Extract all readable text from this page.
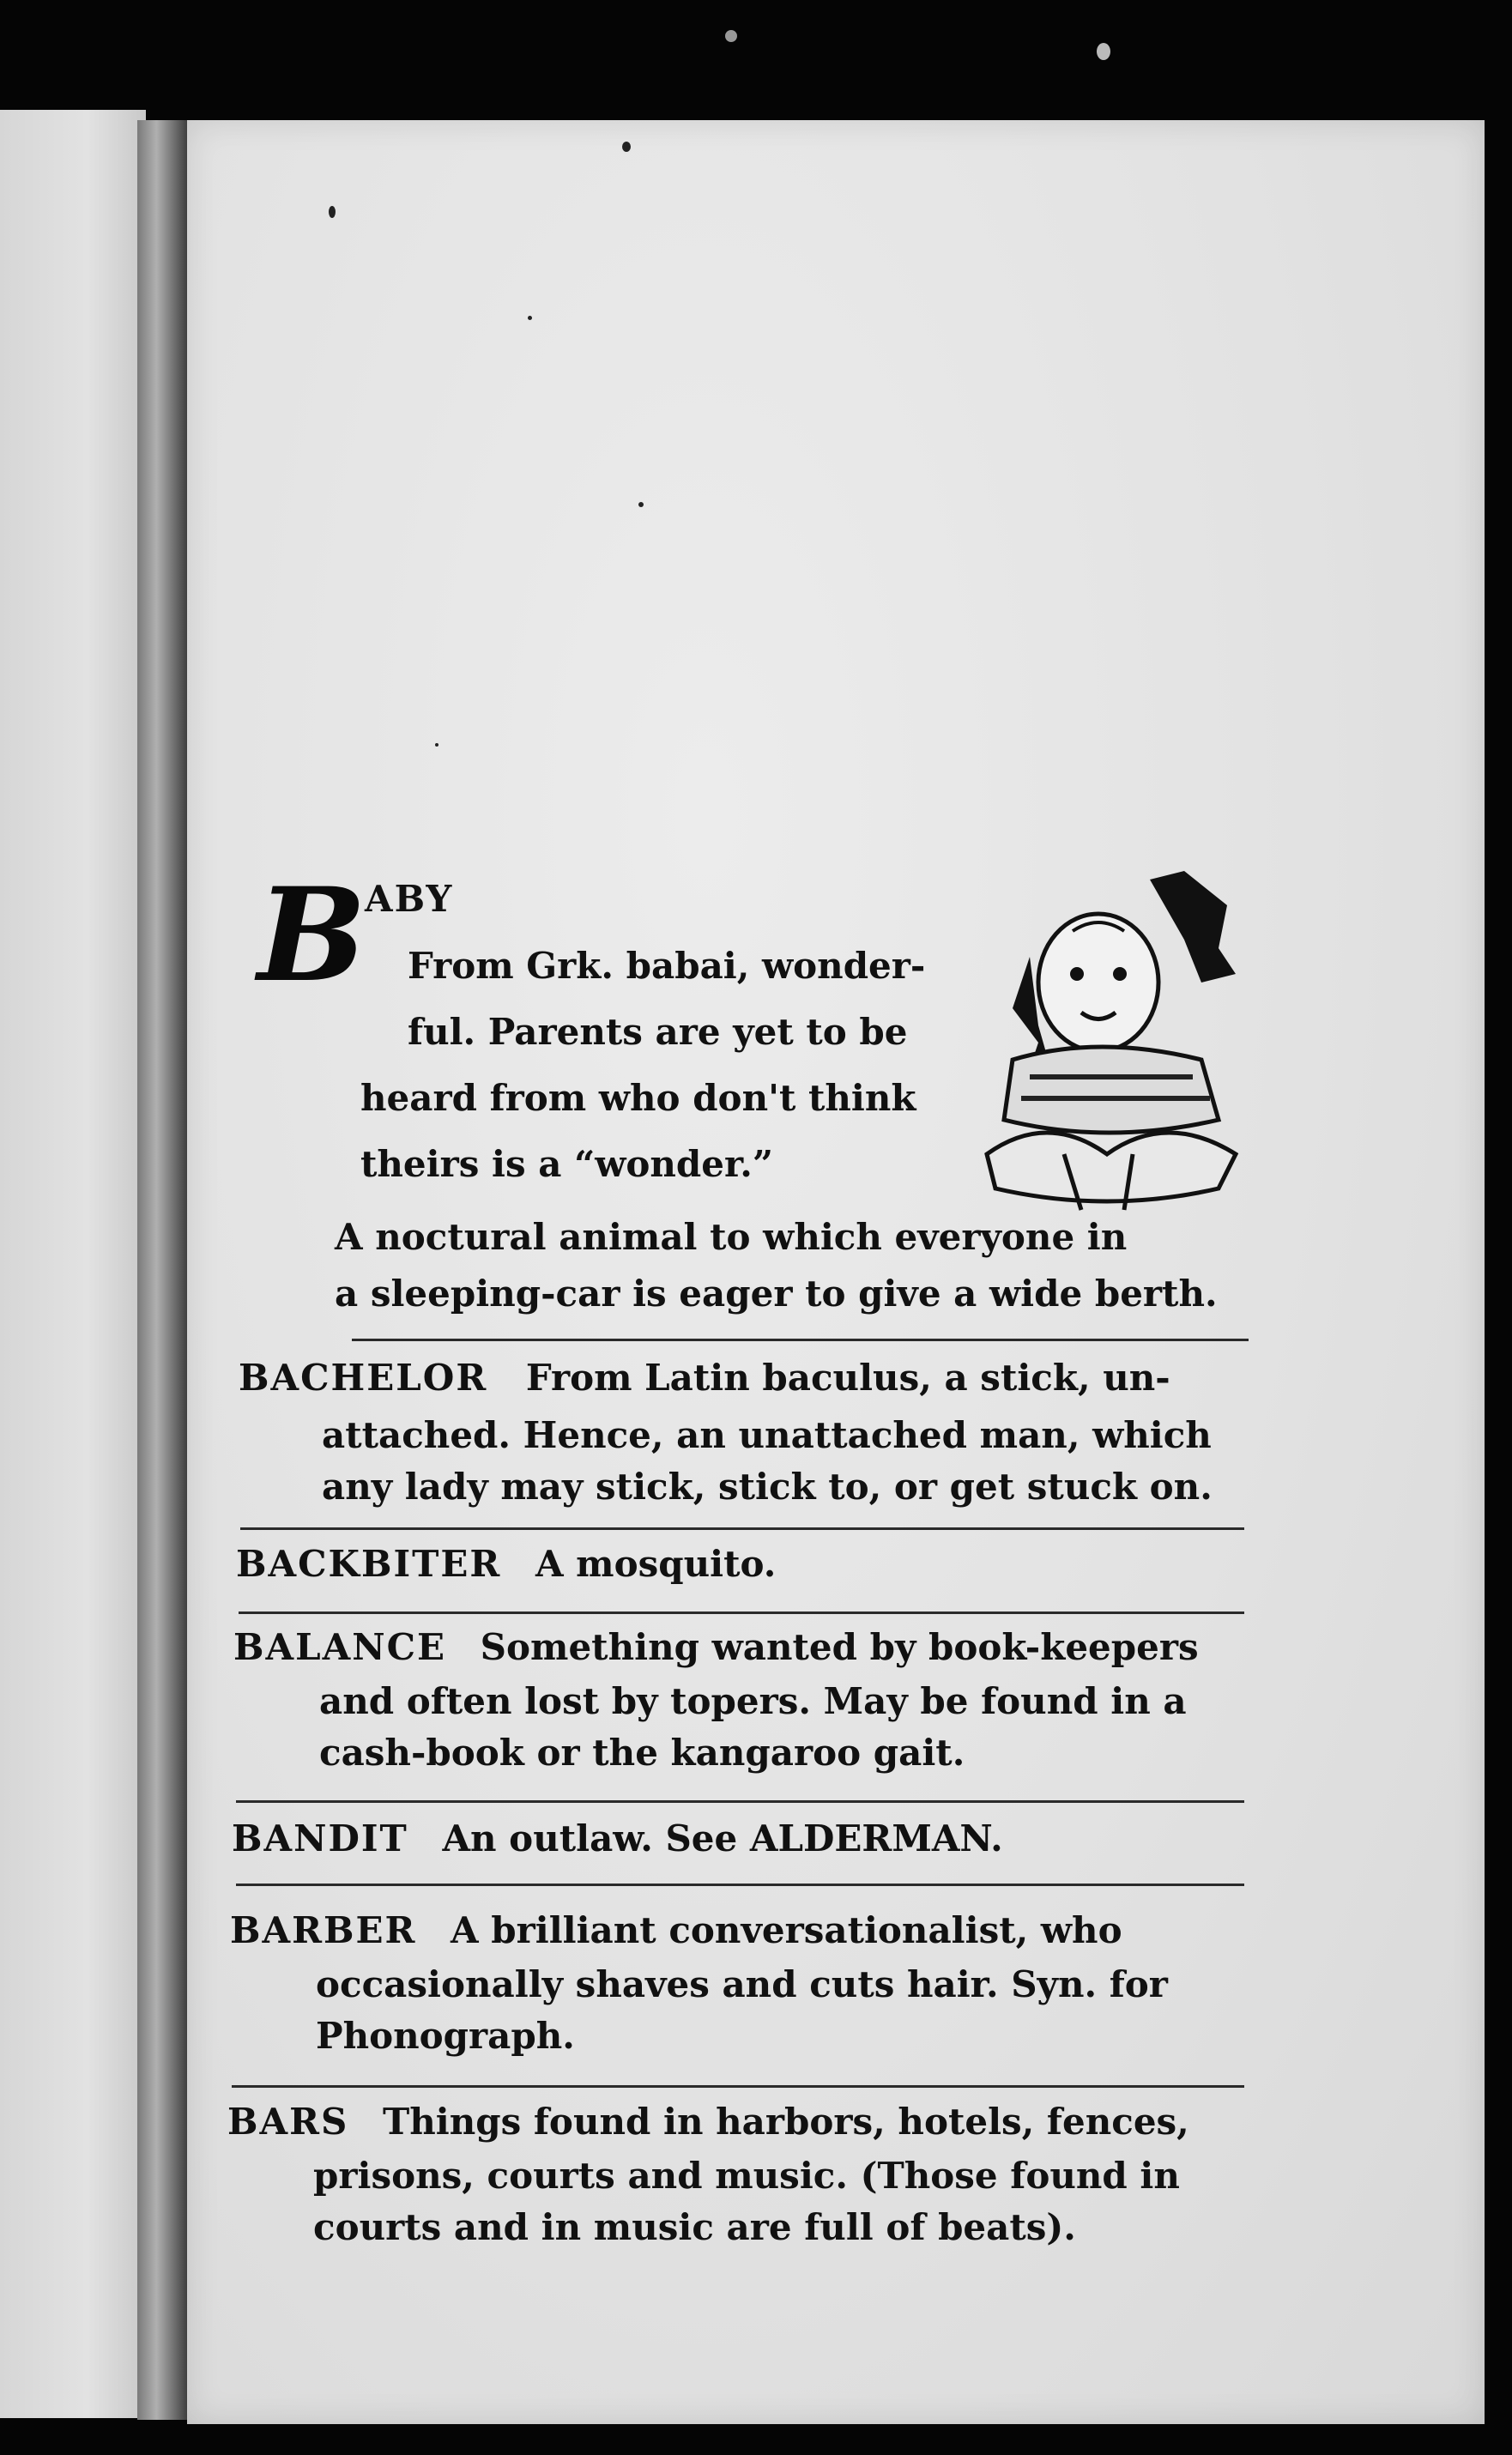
B
ABY
From Grk. babai, wonder-
ful. Parents are yet to be
heard from who don't think
theirs is a “wonder.”
A noctural animal to which everyone in
a sleeping-car is eager to give a wide berth.
BACHELOR From Latin baculus, a stick, un-
attached. Hence, an unattached man, which
any lady may stick, stick to, or get stuck on.
BACKBITER A mosquito.
BALANCE Something wanted by book-keepers
and often lost by topers. May be found in a
cash-book or the kangaroo gait.
BANDIT An outlaw. See ALDERMAN.
BARBER A brilliant conversationalist, who
occasionally shaves and cuts hair. Syn. for
Phonograph.
BARS Things found in harbors, hotels, fences,
prisons, courts and music. (Those found in
courts and in music are full of beats).
